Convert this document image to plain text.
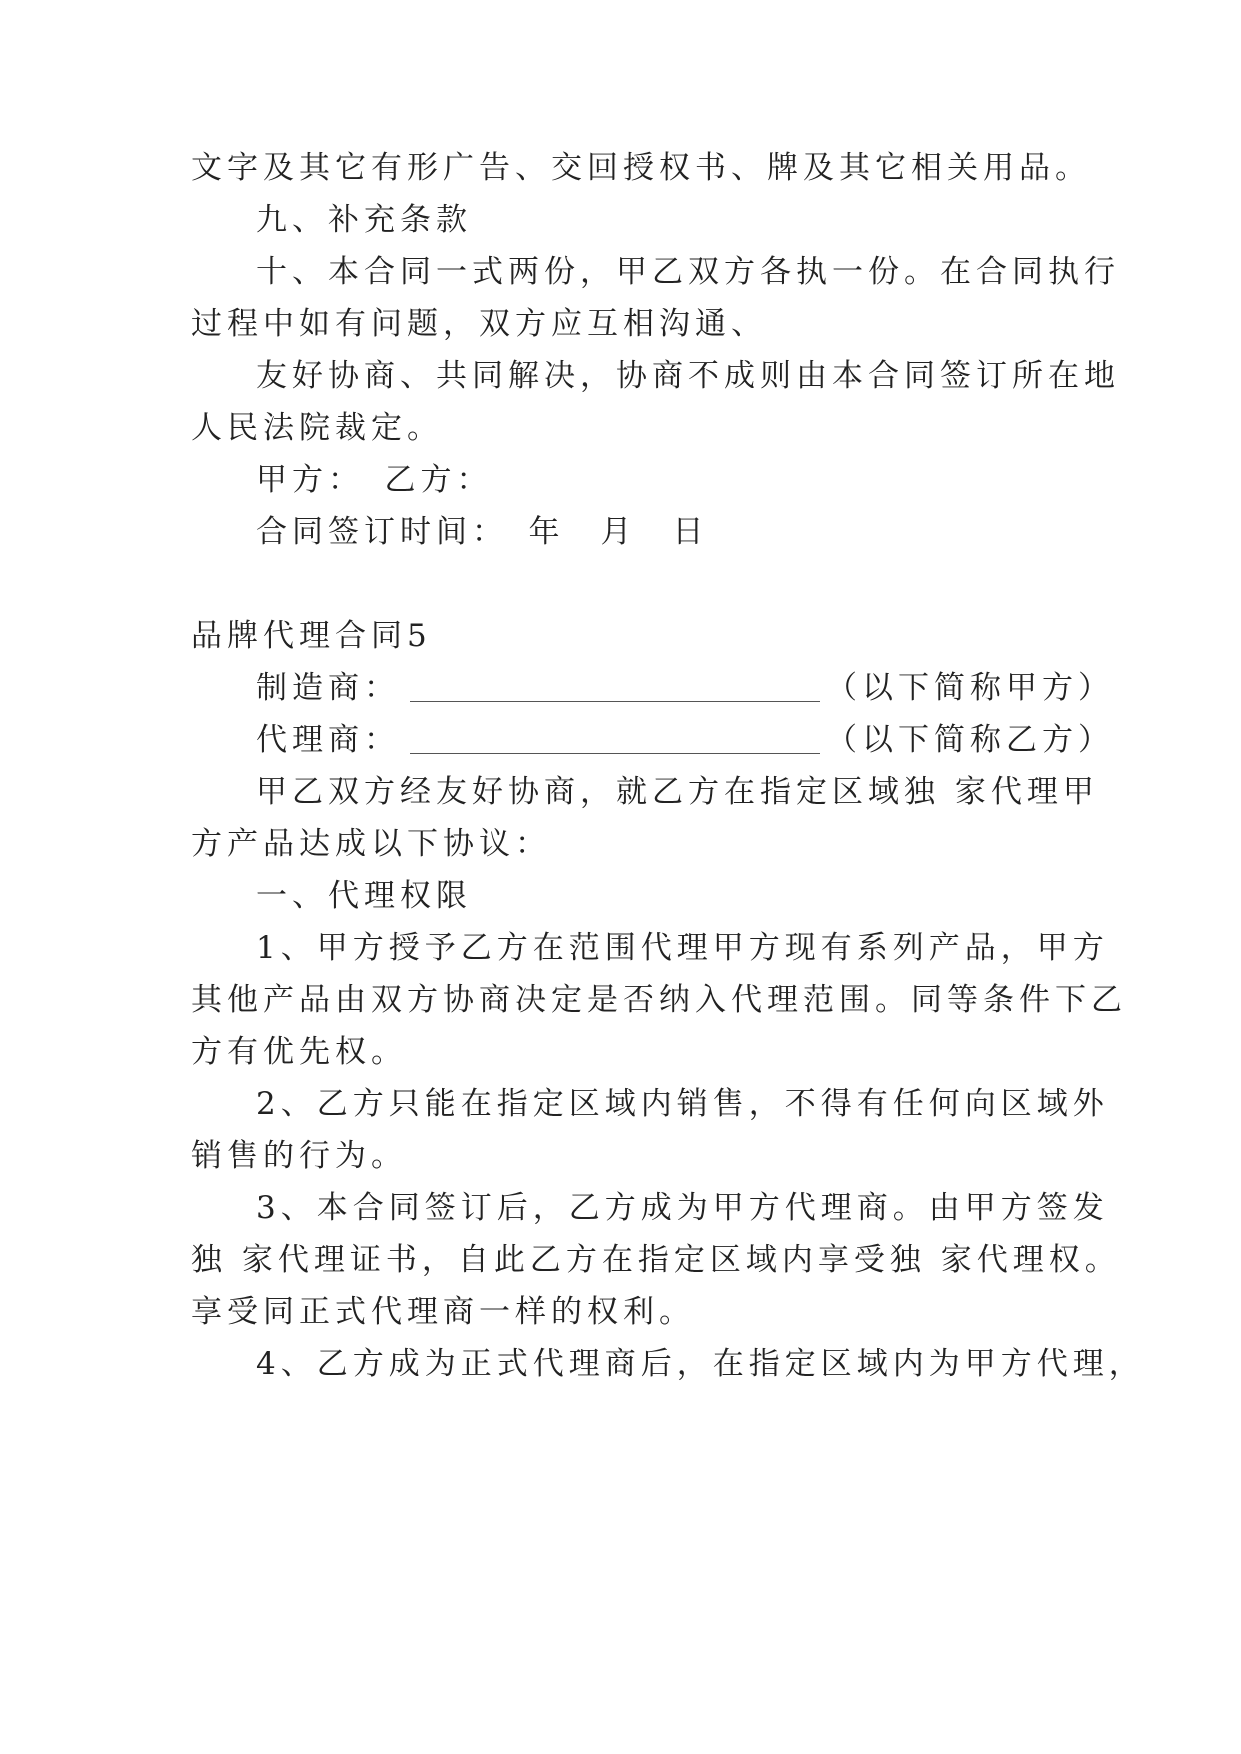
文字及其它有形广告、交回授权书、牌及其它相关用品。

九、补充条款

十、本合同一式两份，甲乙双方各执一份。在合同执行

过程中如有问题，双方应互相沟通、

友好协商、共同解决，协商不成则由本合同签订所在地

人民法院裁定。

甲方：　乙方：

合同签订时间：　年　月　日

品牌代理合同5

制造商：	（以下简称甲方）

代理商：	（以下简称乙方）

甲乙双方经友好协商，就乙方在指定区域独 家代理甲

方产品达成以下协议：

一、代理权限

1、甲方授予乙方在范围代理甲方现有系列产品，甲方

其他产品由双方协商决定是否纳入代理范围。同等条件下乙

方有优先权。

2、乙方只能在指定区域内销售，不得有任何向区域外

销售的行为。

3、本合同签订后，乙方成为甲方代理商。由甲方签发

独 家代理证书，自此乙方在指定区域内享受独 家代理权。

享受同正式代理商一样的权利。

4、乙方成为正式代理商后，在指定区域内为甲方代理，
